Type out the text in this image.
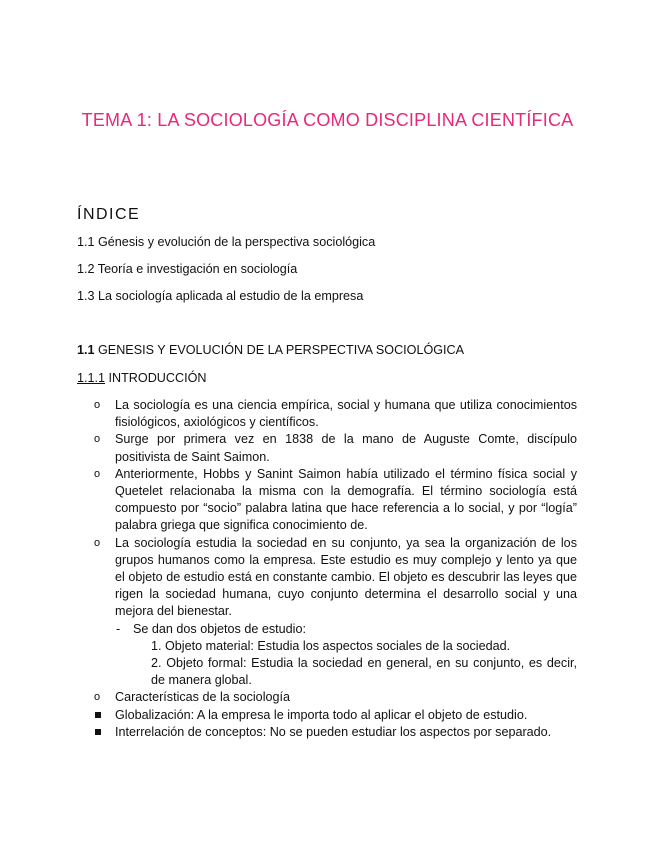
TEMA 1: LA SOCIOLOGÍA COMO DISCIPLINA CIENTÍFICA
ÍNDICE
1.1 Génesis y evolución de la perspectiva sociológica
1.2 Teoría e investigación en sociología
1.3 La sociología aplicada al estudio de la empresa
1.1 GENESIS Y EVOLUCIÓN DE LA PERSPECTIVA SOCIOLÓGICA
1.1.1 INTRODUCCIÓN
o La sociología es una ciencia empírica, social y humana que utiliza conocimientos fisiológicos, axiológicos y científicos.

o Surge por primera vez en 1838 de la mano de Auguste Comte, discípulo positivista de Saint Saimon.

o Anteriormente, Hobbs y Sanint Saimon había utilizado el término física social y Quetelet relacionaba la misma con la demografía. El término sociología está compuesto por “socio” palabra latina que hace referencia a lo social, y por “logía” palabra griega que significa conocimiento de.

o La sociología estudia la sociedad en su conjunto, ya sea la organización de los grupos humanos como la empresa. Este estudio es muy complejo y lento ya que el objeto de estudio está en constante cambio. El objeto es descubrir las leyes que rigen la sociedad humana, cuyo conjunto determina el desarrollo social y una mejora del bienestar.

- Se dan dos objetos de estudio:

1. Objeto material: Estudia los aspectos sociales de la sociedad.

2. Objeto formal: Estudia la sociedad en general, en su conjunto, es decir, de manera global.

o Características de la sociología

Globalización: A la empresa le importa todo al aplicar el objeto de estudio.
Interrelación de conceptos: No se pueden estudiar los aspectos por separado.
